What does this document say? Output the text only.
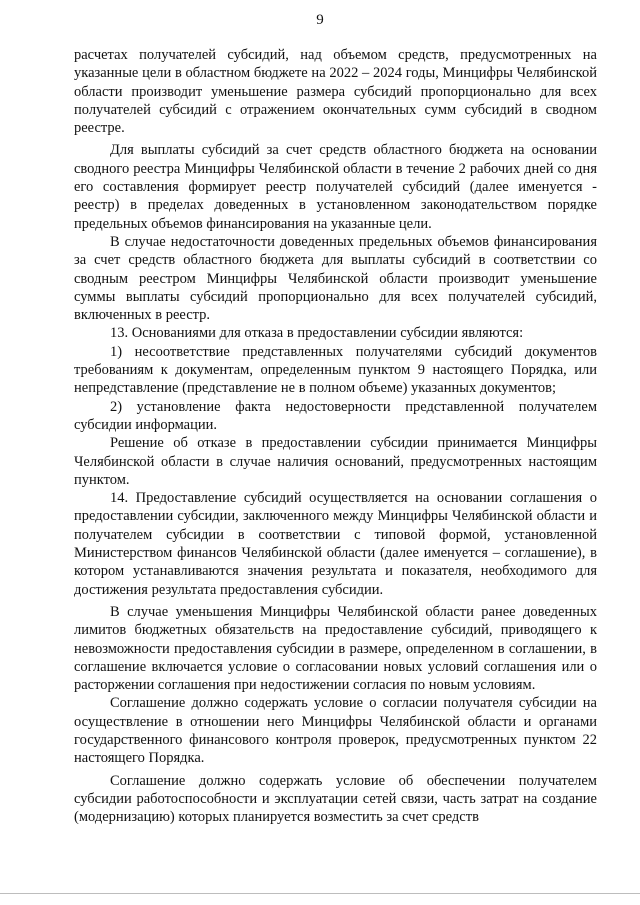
9

расчетах получателей субсидий, над объемом средств, предусмотренных на указанные цели в областном бюджете на 2022 – 2024 годы, Минцифры Челябинской области производит уменьшение размера субсидий пропорционально для всех получателей субсидий с отражением окончательных сумм субсидий в сводном реестре.

Для выплаты субсидий за счет средств областного бюджета на основании сводного реестра Минцифры Челябинской области в течение 2 рабочих дней со дня его составления формирует реестр получателей субсидий (далее именуется - реестр) в пределах доведенных в установленном законодательством порядке предельных объемов финансирования на указанные цели.

В случае недостаточности доведенных предельных объемов финансирования за счет средств областного бюджета для выплаты субсидий в соответствии со сводным реестром Минцифры Челябинской области производит уменьшение суммы выплаты субсидий пропорционально для всех получателей субсидий, включенных в реестр.

13. Основаниями для отказа в предоставлении субсидии являются:

1) несоответствие представленных получателями субсидий документов требованиям к документам, определенным пунктом 9 настоящего Порядка, или непредставление (представление не в полном объеме) указанных документов;

2) установление факта недостоверности представленной получателем субсидии информации.

Решение об отказе в предоставлении субсидии принимается Минцифры Челябинской области в случае наличия оснований, предусмотренных настоящим пунктом.

14. Предоставление субсидий осуществляется на основании соглашения о предоставлении субсидии, заключенного между Минцифры Челябинской области и получателем субсидии в соответствии с типовой формой, установленной Министерством финансов Челябинской области (далее именуется – соглашение), в котором устанавливаются значения результата и показателя, необходимого для достижения результата предоставления субсидии.

В случае уменьшения Минцифры Челябинской области ранее доведенных лимитов бюджетных обязательств на предоставление субсидий, приводящего к невозможности предоставления субсидии в размере, определенном в соглашении, в соглашение включается условие о согласовании новых условий соглашения или о расторжении соглашения при недостижении согласия по новым условиям.

Соглашение должно содержать условие о согласии получателя субсидии на осуществление в отношении него Минцифры Челябинской области и органами государственного финансового контроля проверок, предусмотренных пунктом 22 настоящего Порядка.

Соглашение должно содержать условие об обеспечении получателем субсидии работоспособности и эксплуатации сетей связи, часть затрат на создание (модернизацию) которых планируется возместить за счет средств
